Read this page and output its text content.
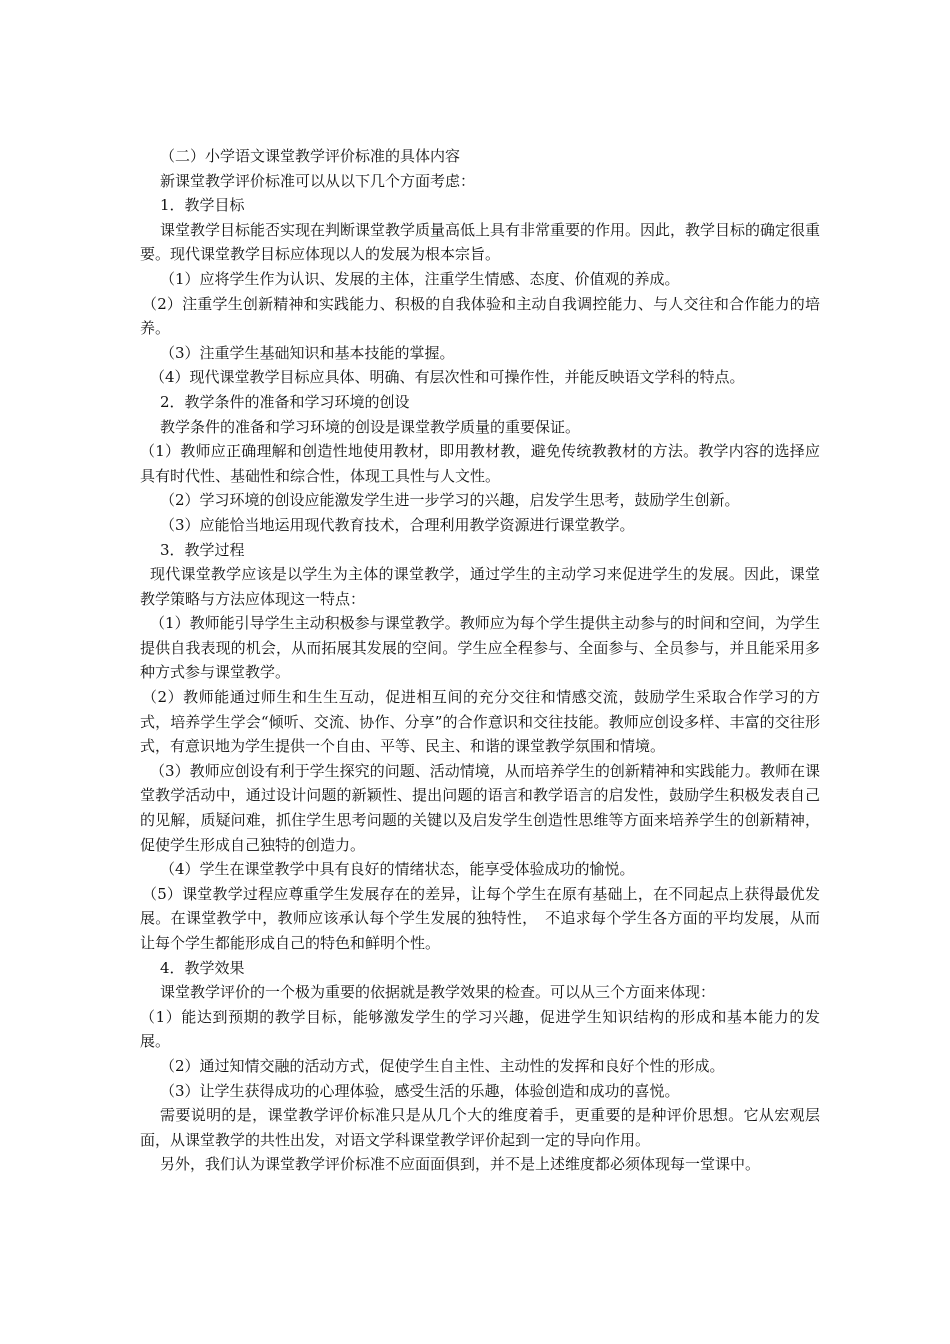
（二）小学语文课堂教学评价标准的具体内容

新课堂教学评价标准可以从以下几个方面考虑：

1．教学目标

课堂教学目标能否实现在判断课堂教学质量高低上具有非常重要的作用。因此，教学目标的确定很重要。现代课堂教学目标应体现以人的发展为根本宗旨。

（1）应将学生作为认识、发展的主体，注重学生情感、态度、价值观的养成。

（2）注重学生创新精神和实践能力、积极的自我体验和主动自我调控能力、与人交往和合作能力的培养。

（3）注重学生基础知识和基本技能的掌握。

（4）现代课堂教学目标应具体、明确、有层次性和可操作性，并能反映语文学科的特点。

2．教学条件的准备和学习环境的创设

教学条件的准备和学习环境的创设是课堂教学质量的重要保证。

（1）教师应正确理解和创造性地使用教材，即用教材教，避免传统教教材的方法。教学内容的选择应具有时代性、基础性和综合性，体现工具性与人文性。

（2）学习环境的创设应能激发学生进一步学习的兴趣，启发学生思考，鼓励学生创新。

（3）应能恰当地运用现代教育技术，合理利用教学资源进行课堂教学。

3．教学过程

现代课堂教学应该是以学生为主体的课堂教学，通过学生的主动学习来促进学生的发展。因此，课堂教学策略与方法应体现这一特点：

（1）教师能引导学生主动积极参与课堂教学。教师应为每个学生提供主动参与的时间和空间，为学生提供自我表现的机会，从而拓展其发展的空间。学生应全程参与、全面参与、全员参与，并且能采用多种方式参与课堂教学。

（2）教师能通过师生和生生互动，促进相互间的充分交往和情感交流，鼓励学生采取合作学习的方式，培养学生学会“倾听、交流、协作、分享”的合作意识和交往技能。教师应创设多样、丰富的交往形式，有意识地为学生提供一个自由、平等、民主、和谐的课堂教学氛围和情境。

（3）教师应创设有利于学生探究的问题、活动情境，从而培养学生的创新精神和实践能力。教师在课堂教学活动中，通过设计问题的新颖性、提出问题的语言和教学语言的启发性，鼓励学生积极发表自己的见解，质疑问难，抓住学生思考问题的关键以及启发学生创造性思维等方面来培养学生的创新精神，促使学生形成自己独特的创造力。

（4）学生在课堂教学中具有良好的情绪状态，能享受体验成功的愉悦。

（5）课堂教学过程应尊重学生发展存在的差异，让每个学生在原有基础上，在不同起点上获得最优发展。在课堂教学中，教师应该承认每个学生发展的独特性，　不追求每个学生各方面的平均发展，从而让每个学生都能形成自己的特色和鲜明个性。

4．教学效果

课堂教学评价的一个极为重要的依据就是教学效果的检查。可以从三个方面来体现：

（1）能达到预期的教学目标，能够激发学生的学习兴趣，促进学生知识结构的形成和基本能力的发展。

（2）通过知情交融的活动方式，促使学生自主性、主动性的发挥和良好个性的形成。

（3）让学生获得成功的心理体验，感受生活的乐趣，体验创造和成功的喜悦。

需要说明的是，课堂教学评价标准只是从几个大的维度着手，更重要的是种评价思想。它从宏观层面，从课堂教学的共性出发，对语文学科课堂教学评价起到一定的导向作用。

另外，我们认为课堂教学评价标准不应面面俱到，并不是上述维度都必须体现每一堂课中。
